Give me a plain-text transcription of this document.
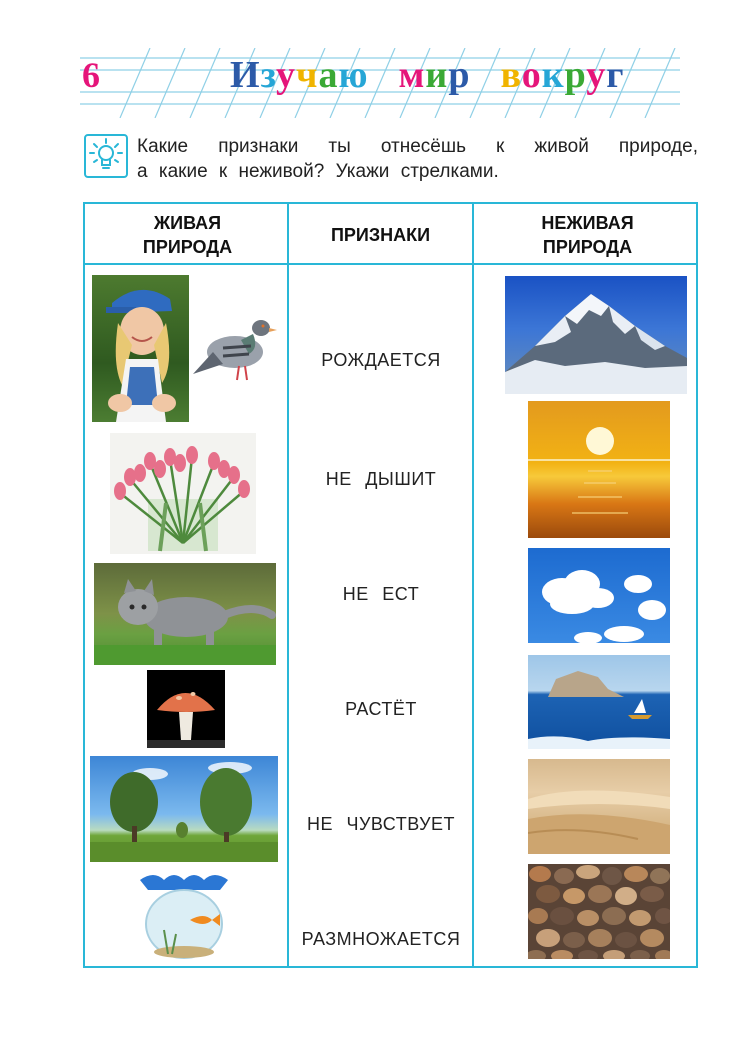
6	Изучаю мир вокруг
Какие признаки ты отнесёшь к живой природе,
а какие к неживой? Укажи стрелками.
ЖИВАЯ ПРИРОДА
ПРИЗНАКИ
НЕЖИВАЯ ПРИРОДА
РОЖДАЕТСЯ
НЕ ДЫШИТ
НЕ ЕСТ
РАСТЁТ
НЕ ЧУВСТВУЕТ
РАЗМНОЖАЕТСЯ
